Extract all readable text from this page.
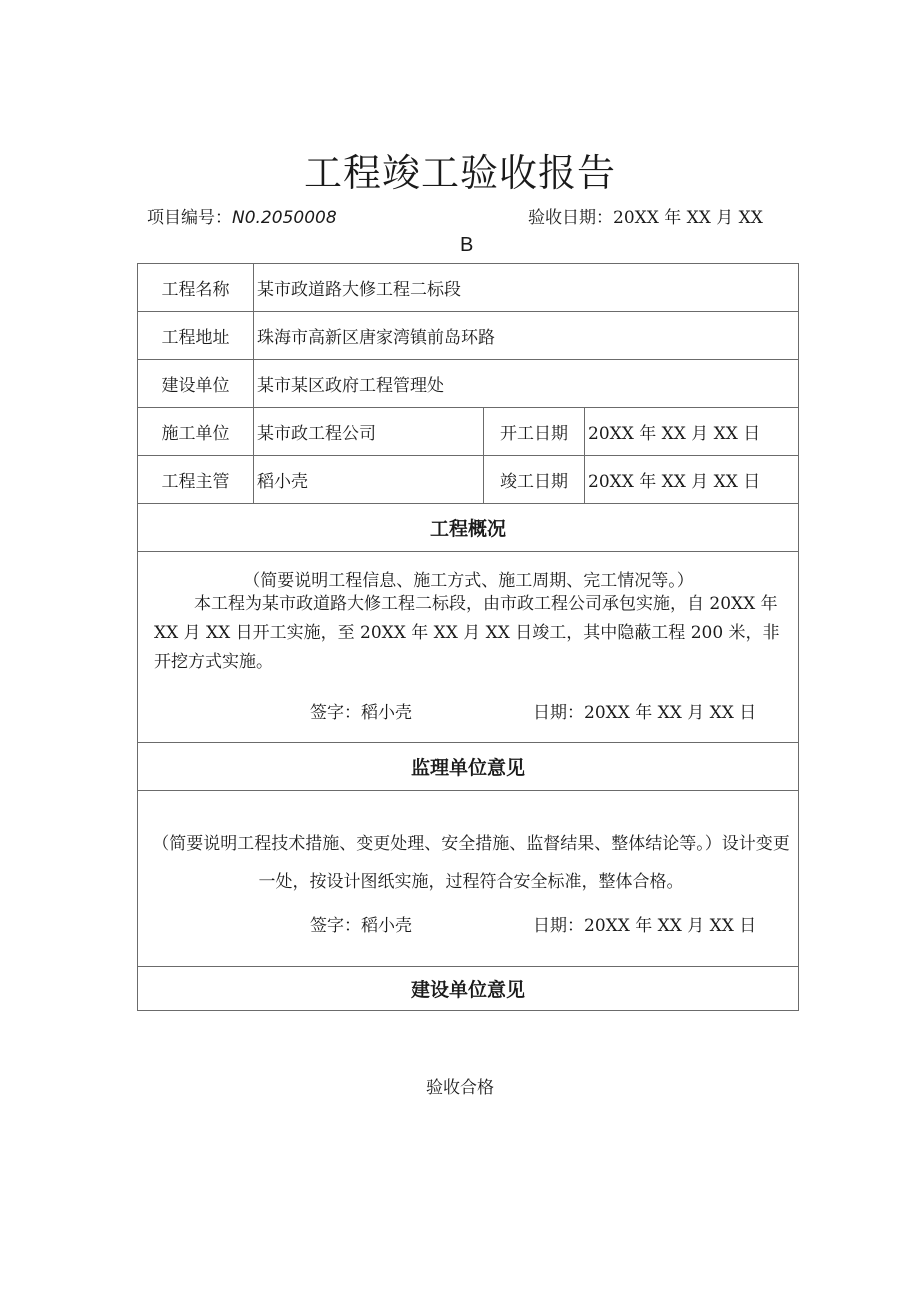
工程竣工验收报告
项目编号：N0.2050008	验收日期：20XX 年 XX 月 XX
B
工程名称	某市政道路大修工程二标段		
工程地址	珠海市高新区唐家湾镇前岛环路		
建设单位	某市某区政府工程管理处		
施工单位	某市政工程公司	开工日期	20XX 年 XX 月 XX 日
工程主管	稻小壳	竣工日期	20XX 年 XX 月 XX 日
工程概况			

（简要说明工程信息、施工方式、施工周期、完工情况等。）
本工程为某市政道路大修工程二标段，由市政工程公司承包实施，自 20XX 年 XX 月 XX 日开工实施，至 20XX 年 XX 月 XX 日竣工，其中隐蔽工程 200 米，非开挖方式实施。
签字：稻小壳 日期：20XX 年 XX 月 XX 日			

监理单位意见			

（简要说明工程技术措施、变更处理、安全措施、监督结果、整体结论等。）设计变更一处，按设计图纸实施，过程符合安全标准，整体合格。
签字：稻小壳 日期：20XX 年 XX 月 XX 日			

建设单位意见			
验收合格
